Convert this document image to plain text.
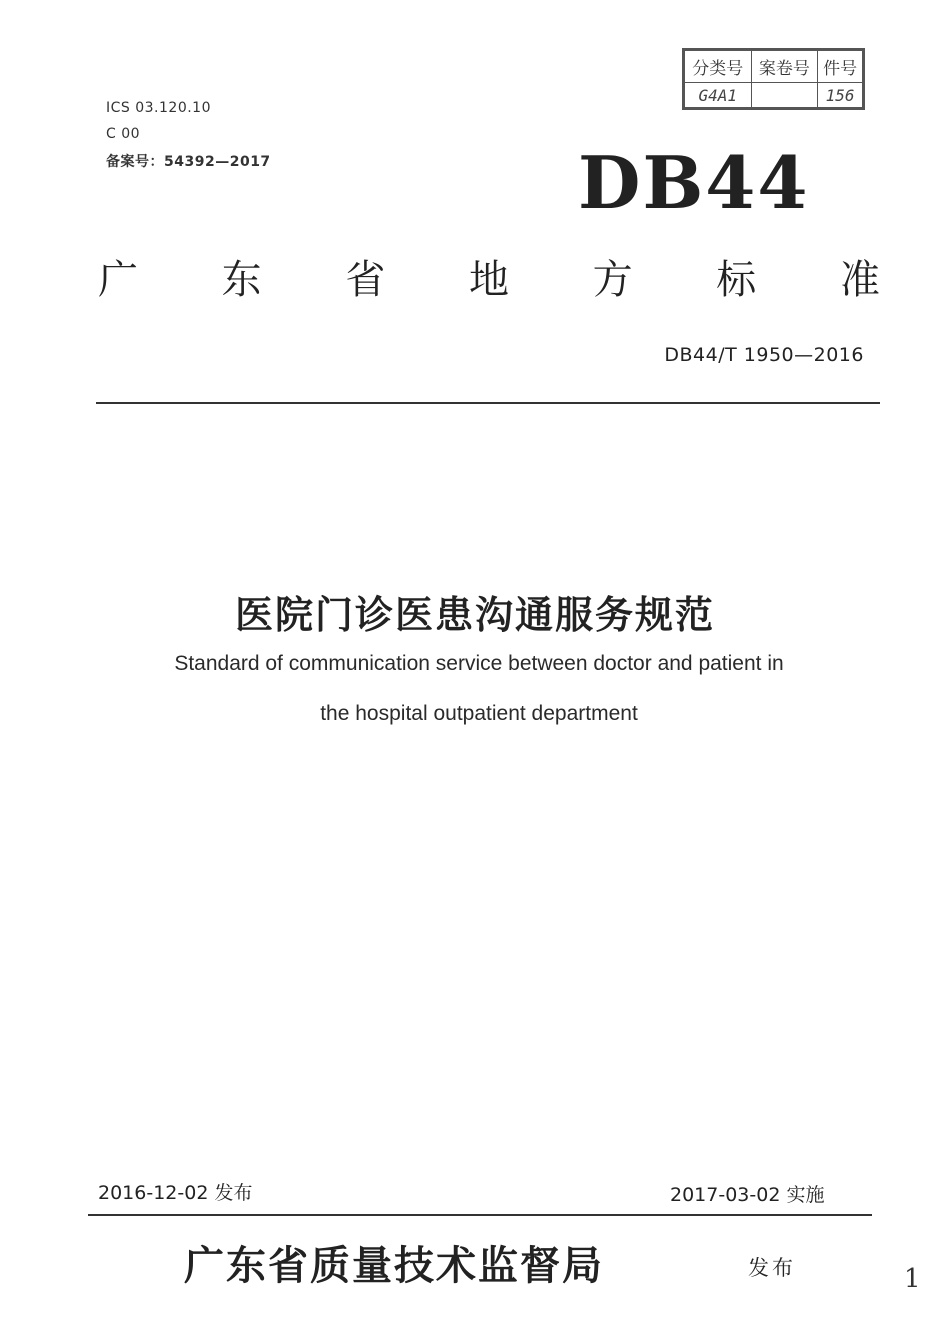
分类号	案卷号	件号
G4A1		156
ICS 03.120.10
C 00
备案号：54392—2017	DB44
广 东 省 地 方 标 准
DB44/T 1950—2016
医院门诊医患沟通服务规范
Standard of communication service between doctor and patient in
the hospital outpatient department
2016-12-02 发布	2017-03-02 实施
广东省质量技术监督局	发布	1
